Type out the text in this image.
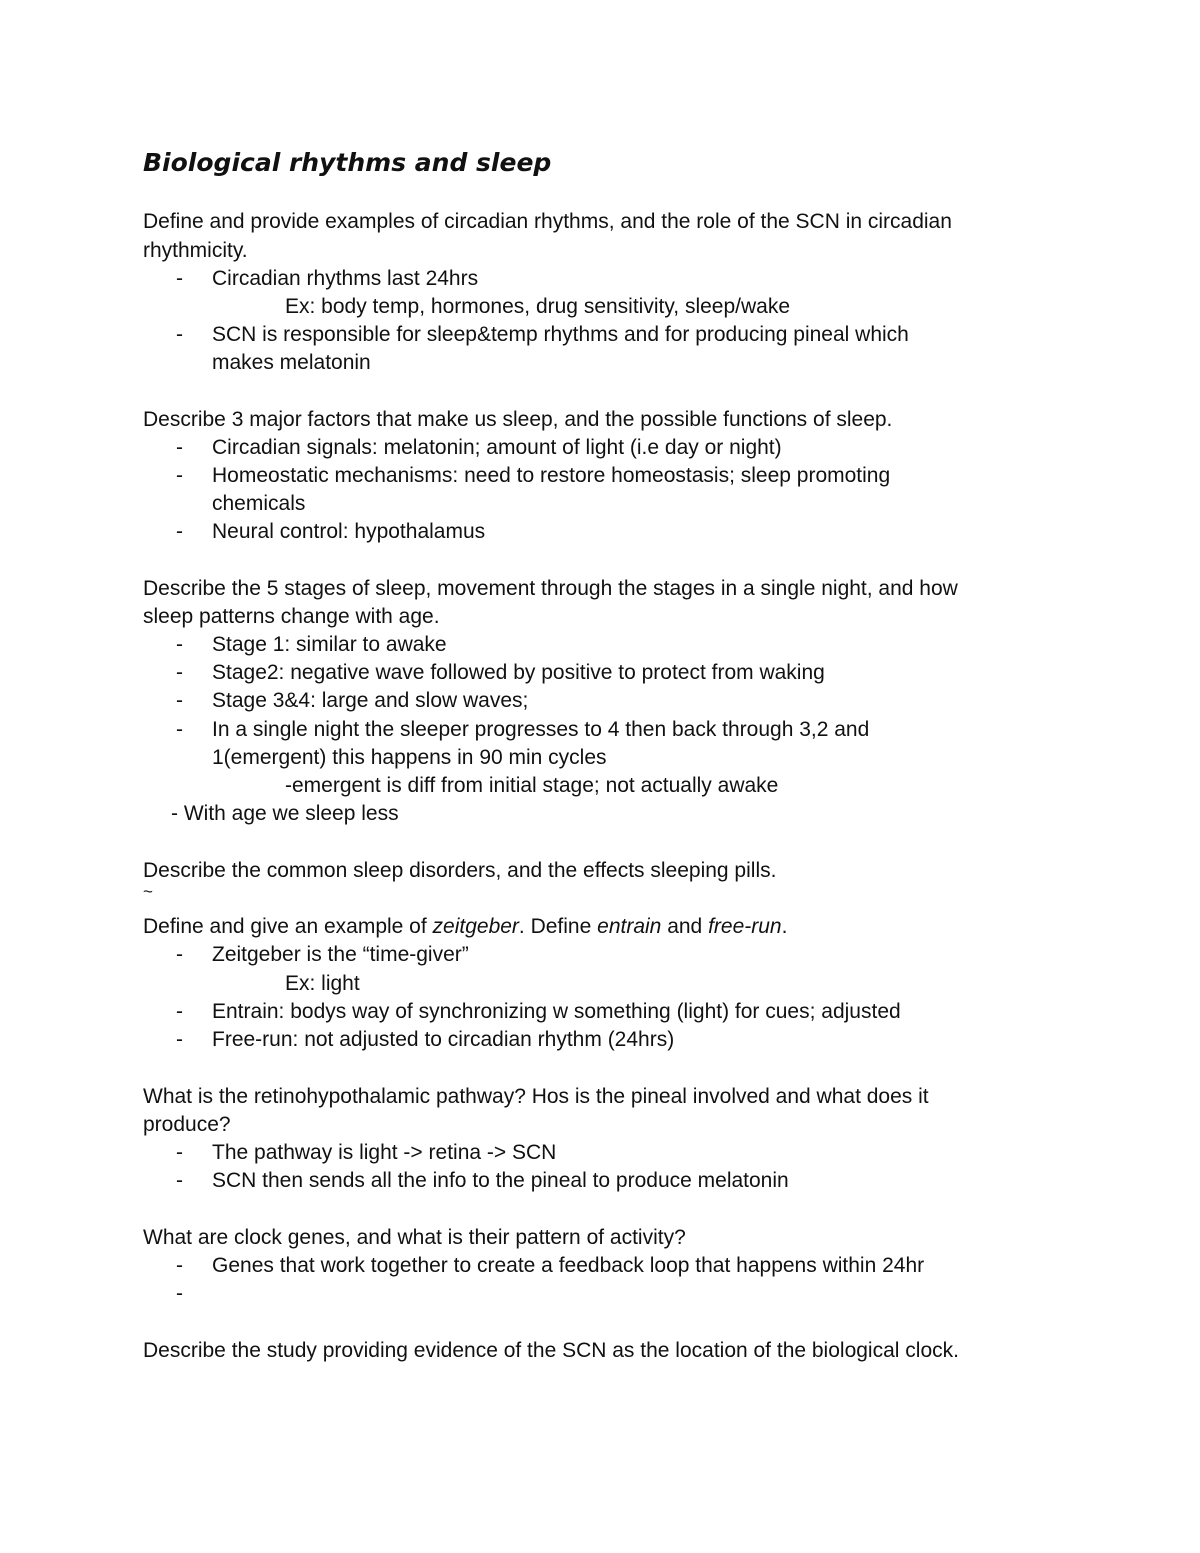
Biological rhythms and sleep
Define and provide examples of circadian rhythms, and the role of the SCN in circadian
rhythmicity.
- Circadian rhythms last 24hrs
Ex: body temp, hormones, drug sensitivity, sleep/wake
- SCN is responsible for sleep&temp rhythms and for producing pineal which
makes melatonin
Describe 3 major factors that make us sleep, and the possible functions of sleep.
- Circadian signals: melatonin; amount of light (i.e day or night)
- Homeostatic mechanisms: need to restore homeostasis; sleep promoting
chemicals
- Neural control: hypothalamus
Describe the 5 stages of sleep, movement through the stages in a single night, and how
sleep patterns change with age.
- Stage 1: similar to awake
- Stage2: negative wave followed by positive to protect from waking
- Stage 3&4: large and slow waves;
- In a single night the sleeper progresses to 4 then back through 3,2 and
1(emergent) this happens in 90 min cycles
-emergent is diff from initial stage; not actually awake
- With age we sleep less
Describe the common sleep disorders, and the effects sleeping pills.
~
Define and give an example of zeitgeber. Define entrain and free-run.
- Zeitgeber is the “time-giver”
Ex: light
- Entrain: bodys way of synchronizing w something (light) for cues; adjusted
- Free-run: not adjusted to circadian rhythm (24hrs)
What is the retinohypothalamic pathway? Hos is the pineal involved and what does it
produce?
- The pathway is light -> retina -> SCN
- SCN then sends all the info to the pineal to produce melatonin
What are clock genes, and what is their pattern of activity?
- Genes that work together to create a feedback loop that happens within 24hr
-
Describe the study providing evidence of the SCN as the location of the biological clock.
